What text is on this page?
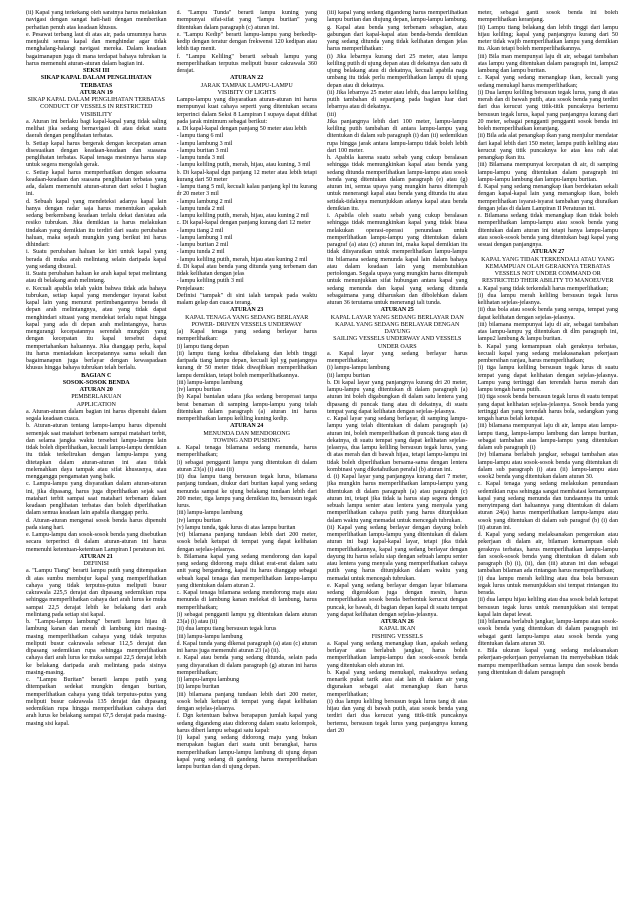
(ii) Kapal yang terkekang oleh saratnya harus melakukan navigasi dengan sangat hati-hati dengan memberikan perhatian penuh atas keadaan khusus.

e. Pesawat terbang laut di atas air, pada umumnya harus menjauhi semua kapal dan menghindar agar tidak menghalang-halangi navigasi mereka. Dalam keadaan bagaimanapun juga di mana terdapat bahaya tubrukan ia harus memenuhi aturan-aturan dalam bagian ini.

SEKSI III

SIKAP KAPAL DALAM PENGLIHATAN TERBATAS

ATURAN 19

SIKAP KAPAL DALAM PENGLIHATAN TERBATAS

CONDUCT OF VESSELS IN RESTRICTED VISIBILITY

a. Aturan ini berlaku bagi kapal-kapal yang tidak saling melihat jika sedang bernavigasi di atau dekat suatu daerah dengan penglihatan terbatas.

b. Setiap kapal harus bergerak dengan kecepatan aman disesuaikan dengan keadaan-keadaan dan suasana penglihatan terbatas. Kapal tenaga mesinnya harus siap untuk segera mengolah gerak.

c. Setiap kapal harus memperhatikan dengan seksama keadaan-keadaan dan suasana penglihatan terbatas yang ada, dalam memenuhi aturan-aturan dari seksi I bagian ini.

d. Sebuah kapal yang mendeteksi adanya kapal lain hanya dengan radar saja harus menentukan apakah sedang berkembang keadaan terlalu dekat dan/atau ada resiko tubrukan. Jika demikian ia harus melakukan tindakan yang demikian itu terdiri dari suatu perubahan haluan, maka sejauh mungkin yang berikut ini harus dihindari:

i. Suatu perubahan haluan ke kiri untuk kapal yang berada di muka arah melintang selain daripada kapal yang sedang disusul.

ii. Suatu perubahan haluan ke arah kapal tepat melintang atau di belakang arah melintang.

e. Kecuali apabila telah yakin bahwa tidak ada bahaya tubrukan, setiap kapal yang mendengar isyarat kabut kapal lain yang menurut pertimbangannya berada di depan arah melintangnya, atau yang tidak dapat menghindari situasi yang mendekat terlalu rapat hingga kapal yang ada di depan arah melintangnya, harus mengurangi kecepatannya serendah mungkin yang dengan kecepatan itu kapal tersebut dapat mempertahankan haluannya. Jika dianggap perlu, kapal itu harus meniadakan kecepatannya sama sekali dan bagaimanapun juga berlayar dengan kewaspadaan khusus hingga bahaya tubrukan telah berlalu.

BAGIAN C

SOSOK-SOSOK BENDA

ATURAN 20

PEMBERLAKUAN

APPLICATION

a. Aturan-aturan dalam bagian ini harus dipenuhi dalam segala keadaan cuaca.

b. Aturan-aturan tentang lampu-lampu harus dipenuhi semenjak saat matahari terbenam sampai matahari terbit, dan selama jangka waktu tersebut lampu-lampu lain tidak boleh diperlihatkan, kecuali lampu-lampu demikian itu tidak terkelirukan dengan lampu-lampu yang ditetapkan dalam aturan-aturan ini atau tidak melemahkan daya tampak atau sifat khususnya, atau mengganggu pengamatan yang baik.

c. Lampu-lampu yang disyaratkan dalam aturan-aturan ini, jika dipasang, harus juga diperlihatkan sejak saat matahari terbit sampai saat matahari terbenam dalam keadaan penglihatan terbatas dan boleh diperlihatkan dalam semua keadaan lain apabila dianggap perlu.

d. Aturan-aturan mengenai sosok benda harus dipenuhi pada siang hari.

e. Lampu-lampu dan sosok-sosok benda yang disebutkan secara terperinci di dalam aturan-aturan ini harus memenuhi ketentuan-ketentuan Lampiran I peraturan ini.

ATURAN 21

DEFINISI

a. "Lampu Tiang" berarti lampu putih yang ditempatkan di atas sumbu membujur kapal yang memperlihatkan cahaya yang tidak terputus-putus meliputi busur cakrawala 225,5 derajat dan dipasang sedemikian rupa sehingga memperlihatkan cahaya dari arah lurus ke muka sampai 22,5 derajat lebih ke belakang dari arah melintang pada setiap sisi kapal.

b. "Lampu-lampu lambung" berarti lampu hijau di lambung kanan dan merah di lambung kiri masing-masing memperlihatkan cahaya yang tidak terputus meliputi busur cakrawala sebesar 112,5 derajat dan dipasang sedemikian rupa sehingga memperlihatkan cahaya dari arah lurus ke muka sampai 22,5 derajat lebih ke belakang daripada arah melintang pada sisinya masing-masing.

c. "Lampu Buritan" berarti lampu putih yang ditempatkan sedekat mungkin dengan buritan, memperlihatkan cahaya yang tidak terputus-putus yang meliputi busur cakrawala 135 derajat dan dipasang sedemikian rupa hingga memperlihatkan cahaya dari arah lurus ke belakang sampai 67,5 derajat pada masing-masing sisi kapal.

d. "Lampu Tunda" berarti lampu kuning yang mempunyai sifat-sifat yang "lampu buritan" yang ditentukan dalam paragraph (c) aturan ini.

e. "Lampu Kedip" berarti lampu-lampu yang berkedip-kedip dengan teratur dengan frekwensi 120 kedipan atau lebih tiap menit.

f. "Lampu Keliling" berarti sebuah lampu yang memperlihatkan terputus meliputi busur cakrawala 360 derajat.

ATURAN 22

JARAK TAMPAK LAMPU-LAMPU

VISIBITY OF LIGHTS

Lampu-lampu yang disyaratkan aturan-aturan ini harus mempunyai kuat cahaya seperti yang ditentukan secara terperinci dalam Seksi 8 Lampiran I supaya dapat dilihat pada jarak minimum sebagai berikut:

a. Di kapal-kapal dengan panjang 50 meter atau lebih

- lampu tiang 6 mil

- lampu lambung 3 mil

- lampu buritan 3 mil

- lampu tunda 3 mil

- lampu keliling putih, merah, hijau, atau kuning, 3 mil

b. Di kapal-kapal dgn panjang 12 meter atau lebih tetapi kurang dari 50 meter

- lampu tiang 5 mil, kecuali kalau panjang kpl itu kurang dr 20 meter 3 mil

- lampu lambung 2 mil

- lampu tunda 2 mil

- lampu keliling putih, merah, hijau, atau kuning 2 mil

c. Di kapal-kapal dengan panjang kurang dari 12 meter

- lampu tiang 2 mil

- lampu lambung 1 mil

- lampu buritan 2 mil

- lampu tunda 2 mil

- lampu keliling putih, merah, hijau atau kuning 2 mil

d. Di kapal atau benda yang ditunda yang terbenam dan tidak kelihatan dengan jelas

- lampu keliling putih 3 mil

Penjelasan:

Definisi "tampak" di sini ialah tampak pada waktu malam gelap dan cuaca terang.

ATURAN 23

KAPAL TENAGA YANG SEDANG BERLAYAR

POWER- DRIVEN VESSELS UNDERWAY

(a) Kapal tenaga yang sedang berlayar harus memperlihatkan:

(i) lampu tiang depan

(ii) lampu tiang kedua dibelakang dan lebih tinggi daripada tiang lampu depan, kecuali kpl yg panjangnya kurang dr 50 meter tidak diwajibkan memperlihatkan lampu demikian, tetapi boleh memperlihatkannya.

(iii) lampu-lampu lambung

(iv) lampu buritan

(b) Kapal bantalan udara jika sedang beroperasi tanpa berat benaman di samping lampu-lampu yang telah ditentukan dalam paragraph (a) aturan ini harus memperlihatkan lampu keliling kuning kedip.

ATURAN 24

MENUNDA DAN MENDORONG

TOWING AND PUSHING

a. Kapal tenaga bilamana sedang menunda, harus memperlihatkan;

(i) sebagai pengganti lampu yang ditentukan di dalam aturan 23(a) (i) atau (ii)

(ii) dua lampu tiang bersusun tegak lurus, bilamana panjang tundaan, diukur dari buritan kapal yang sedang menunda sampai ke ujung belakang tundaan lebih dari 200 meter, tiga lampu yang demikian itu, bersusun tegak lurus.

(iii) lampu-lampu lambung

(iv) lampu buritan

(v) lampu tunda, tgak lurus di atas lampu buritan

(vi) bilamana panjang tundaan lebih dari 200 meter, sosok belah ketupat di tempat yang dapat kelihatan dengan sejelas-jelasnya.

b. Bilamana kapal yang sedang mendorong dan kapal yang sedang didorong maju diikat erat-erat dalam satu unit yang bergandeng, kapal itu harus dianggap sebagai sebuah kapal tenaga dan memperlihatkan lampu-lampu yang ditentukan dalam aturan 2.

c. Kapal tenaga bilamana sedang mendorong maju atau menunda di lambung kanan melekat di lambung, harus memperlihatkan;

(i) sebagai pengganti lampu yg ditentukan dalam aturan 23(a) (i) atau (ii)

(ii) dua lampu tiang bersusun tegak lurus

(iii) lampu-lampu lambung

d. Kapal tunda yang dikenai paragraph (a) atau (c) aturan ini harus juga memenuhi aturan 23 (a) (ii).

e. Kapal atau benda yang sedang ditunda, selain pada yang disyaratkan di dalam paragraph (g) aturan ini harus memperlihatkan;

(i) lampu-lampu lambung

(ii) lampu buritan

(iii) bilamana panjang tundaan lebih dari 200 meter, sosok belah ketupat di tempat yang dapat kelihatan dengan sejelas-jelasnya.

f. Dgn ketentuan bahwa berapapun jumlah kapal yang sedang digandeng atau didorong dalam suatu kelompok, harus diberi lampu sebagai satu kapal:

(i) kapal yang sedang didorong maju yang bukan merupakan bagian dari suatu unit berangkai, harus memperlihatkan lampu-lampu lambung di ujung depan kapal yang sedang di gandeng harus memperlihatkan lampu buritan dan di ujung depan.

(iii) kapal yang sedang digandeng harus memperlihatkan lampu buritan dan diujung depan, lampu-lampu lambung.

g. Kapal atau benda yang terbenam sebagian, atau gabungan dari kapal-kapal atau benda-benda demikian yang sedang ditunda yang tidak kelihatan dengan jelas harus memperlihatkan:

(i) Jika lebarnya kurang dari 25 meter, atau lampu keliling putih di ujung depan atau di dekatnya dan satu di ujung belakang atau di dekatnya, kecuali apabila naga umbang itu tidak perlu memperlihatkan lampu di ujung depan atau di dekatnya.

(ii) Jika lebarnya 25 meter atau lebih, dua lampu keliling putih tambahan di sepanjang pada bagian luar dari lebarnya atau di dekatnya.

(iii)

Jika panjangnya lebih dari 100 meter, lampu-lampu keliling putih tambahan di antara lampu-lampu yang ditentukan di dalam sub paragraph (i) dan (ii) sedemikian rupa hingga jarak antara lampu-lampu tidak boleh lebih dari 100 meter.

h. Apabila karena suatu sebab yang cukup beralasan sehingga tidak memungkinkan kapal atau benda yang sedang ditunda memperlihatkan lampu-lampu atau sosok benda yang ditentukan dalam paragraph (e) atau (g) aturan ini, semua upaya yang mungkin harus ditempuh untuk menerangi kapal atau benda yang ditunda itu atau setidak-tidaknya menunjukkan adanya kapal atau benda demikian itu.

i. Apabila oleh suatu sebab yang cukup beralasan sehingga tidak memungkinkan kapal yang tidak biasa melakukan operasi-operasi penundaan untuk memperlihatkan lampu-lampu yang ditentukan dalam paragraf (a) atau (c) aturan ini, maka kapal demikian itu tidak diisyaratkan untuk memperlihatkan lampu-lampu itu bilamana sedang menunda kapal lain dalam bahaya atau dalam keadaan lain yang membutuhkan pertolongan. Segala upaya yang mungkin harus ditempuh untuk menunjukkan sifat hubungan antara kapal yang sedang menunda dan kapal yang sedang ditunda sebagaimana yang diharuskan dan dibolehkan dalam aturan 36 terutama untuk menerangi tali tunda.

ATURAN 25

KAPAL LAYAR YANG SEDANG BERLAYAR DAN

KAPAL YANG SEDANG BERLAYAR DENGAN DAYUNG

SAILING VESSELS UNDERWAY AND VESSELS UNDER OARS

a. Kapal layar yang sedang berlayar harus memperlihatkan;

(i) lampu-lampu lambung

(ii) lampu buritan

b. Di kapal layar yang panjangnya kurang dri 20 meter, lampu-lampu yang ditentukan di dalam paragraph (a) aturan ini boleh digabungkan di dalam satu lentera yang dipasang di puncak tiang atau di dekatnya, di suatu tempat yang dapat kelihatan dengan sejelas-jelasnya.

c. Kapal layar yang sedang berlayar, di samping lampu-lampu yang telah ditentukan di dalam paragraph (a) aturan ini, boleh memperlihatkan di puncak tiang atau di dekatnya, di suatu tempat yang dapat kelihatan sejelas-jelasnya, dua lampu keliling bersusun tegak lurus, yang di atas merah dan di bawah hijau, tetapi lampu-lampu ini tidak boleh diperlihatkan bersama-sama dengan lentera kombinasi yang diketahuikan perafal (b) aturan ini.

d. (i) Kapal layar yang panjangnya kurang dari 7 meter, jika mungkin harus memperlihatkan lampu-lampu yang ditentukan di dalam paragraph (a) atau paragraph (c) aturan ini, tetapi jika tidak ia harus siap segera dengan sebuah lampu senter atau lentera yang menyala yang memperlihatkan cahaya putih yang harus ditunjukkan dalam waktu yang memadai untuk mencegah tubrukan.

(ii) Kapal yang sedang berlayar dengan dayung boleh memperlihatkan lampu-lampu yang ditentukan di dalam aturan ini bagi kapal-kapal layar, tetapi jika tidak memperlihatkannya, kapal yang sedang berlayar dengan dayung itu harus selalu siap dengan sebuah lampu senter atau lentera yang menyala yang memperlihatkan cahaya putih yang harus ditunjukkan dalam waktu yang memadai untuk mencegah tubrukan.

e. Kapal yang sedang berlayar dengan layar bilamana sedang digerakkan juga dengan mesin, harus memperlihatkan sosok benda berbentuk kerucut dengan puncak, ke bawah, di bagian depan kapal di suatu tempat yang dapat kelihatan dengan sejelas-jelasnya.

ATURAN 26

KAPAL IKAN

FISHING VESSELS

a. Kapal yang sedang menangkap ikan, apakah sedang berlayar atau berlabuh jangkar, harus boleh memperlihatkan lampu-lampu dan sosok-sosok benda yang ditentukan oleh aturan ini.

b. Kapal yang sedang menukapl, maksudnya sedang menarik pukat tarik atau alat lain di dalam air yang digunakan sebagai alat menangkap ikan harus memperlihatkan;

(i) dua lampu keliling bersusun tegak lurus tang di atas hijau dan yang di bawah putih, atau sosok benda yang terdiri dari dua kerucut yang titik-titik puncaknya bertemu, bersusun tegak lurus yang panjangnya kurang dari 20

meter, sebagai ganti sosok benda ini boleh memperlihatkan keranjang.

(ii) Lampu tiang belakang dan lebih tinggi dari lampu hijau keliling; kapal yang panjangnya kurang dari 50 meter tidak wajib memperlihatkan lampu yang demikian itu. Akan tetapi boleh memperlihatkannya.

(iii) Bila man mempunyai laju di air, sebagai tambahan atas lampu yang ditentukan dalam paragraph ini, lampu2 lambung dan lampu buritan.

c. Kapal yang sedang menangkap ikan, kecuali yang sedang menukapl harus memperlihatkan;

(i) Dua lampu keliling bersusun tegak lurus, yang di atas merah dan di bawah putih, atau sosok benda yang terdiri dari dua kerucut yang titik-titik puncaknya bertemu bersusun tegak lurus, kapal yang panjangnya kurang dari 20 meter, sebagai pengganti pengganti sosok benda ini boleh memperlihatkan keranjang.

(ii) Bila ada alat penangkap ikan yang menjulur mendatar dari kapal lebih dari 150 meter, lampu putih keliling atau kerucut yang titik puncaknya ke atas kea rah alat penangkap ikan itu.

(iii) Bilamana mempunyai kecepatan di air, di samping lampu-lampu yang ditentukan dalam paragraph ini lampu-lampu lambung dan lampu-lampu buritan.

d. Kapal yang sedang menangkap ikan berdekatan sekali dengan kapal-kapal lain yang menangkap ikan, boleh memperlihatkan isyarat-isyarat tambahan yang diuraikan dengan jelas di dalam Lampiran II Peraturan ini.

e. Bilamana sedang tidak menangkap ikan tidak boleh memperlihatkan lampu-lampu atau sosok benda yang ditentukan dalam aturan ini tetapi hanya lampu-lampu atau sosok-sosok benda yang ditentukan bagi kapal yang sesuai dengan panjangnya.

ATURAN 27

KAPAL YANG TIDAK TERKENDALI ATAU YANG KEMAMPUAN OLAH GERAKNYA TERBATAS

VESSELS NOT UNDER COMMAND OR

RESTRICTED THEIR ABILITY TO MANOEUVER

a. Kapal yang tidak terkendali harus memperlihatkan;

(i) dua lampu merah keliling bersusun tegak lurus kelihatan sejelas-jelasnya.

(ii) dua bola atau sosok benda yang serupa, tempat yang dapat kelihatan dengan sejelas-jelasnya.

(iii) bilamana mempunyai laju di air, sebagai tambahan atas lampu-lampu yg ditentukan di dlm paragraph ini, lampu2 lambung & lampu buritan.

b. Kapal yang kemampuan olah geraknya terbatas, kecuali kapal yang sedang melakasanakan pekerjaan pembersihan ranjau, harus memperlihatkan;

(i) tiga lampu keliling bersusun tegak lurus di suatu tempat yang dapat kelihatan dengan sejelas-jelasnya. Lampu yang tertinggi dan terendah harus merah dan lampu tengah harus putih.

(ii) tiga sosok benda bersusun tegak lurus di suatu tempat yang dapat kelihatan sejelas-jelasnya. Sosok benda yang tertinggi dan yang terendah harus bola, sedangkan yang tengah harus belah ketupat.

(iii) bilamana mempunyai laju di air, lampu atau lampu-lampu tiang, lampu-lampu lambung dan lampu buritan, sebagai tambahan atas lampu-lampu yang ditentukan dalam sub paragraph (i)

(iv) bilamana berlabuh jangkar, sebagai tambahan atas lampu-lampu atau sosok-sosok benda yang ditentukan di dalam sub paragraph (i) atau (ii) lampu-lampu atau sosok2 benda yang ditentukan dalam aturan 30.

c. Kapal tenaga yang sedang melakukan penundaan sedemikian rupa sehingga sangat membatasi kemampuan kapal yang sedang menunda dan tundaannya itu untuk menyimpang dari haluannya yang ditentukan di dalam aturan 24(a) harus memperlihatkan lampu-lampu atau sosok yang ditentukan di dalam sub paragraf (b) (i) dan (ii) aturan ini.

d. Kapal yang sedang melaksanakan pengerukan atau pekerjaan di dalam air, bilaman kemampuan olah geraknya terbatas, harus memperlihatkan lampu-lampu dan sosok-sosok benda yang ditentukan di dalam sub paragraph (b) (i), (ii), dan (iii) aturan ini dan sebagai tambahan bilaman ada rintangan harus memperlihatkan;

(i) dua lampu merah keliling atau dua bola bersusun tegak lurus untuk menunjukkan sisi tempat rintangan itu berada.

(ii) dua lampu hijau keliling atau dua sosok belah ketupat bersusun tegak lurus untuk menunjukkan sisi tempat kapal lain dapat lewat.

(iii) bilamana berlabuh jangkar, lampu-lampu atau sosok-sosok benda yang ditentukan di dalam paragraph ini sebagai ganti lampu-lampu atau sosok benda yang ditentukan dalam aturan 30.

e. Bila ukuran kapal yang sedang melaksanakan pekerjaan-pekerjaan penyelaman itu menyebabkan tidak mampu memperlihatkan semua lampu dan sosok benda yang ditentukan di dalam paragraph
